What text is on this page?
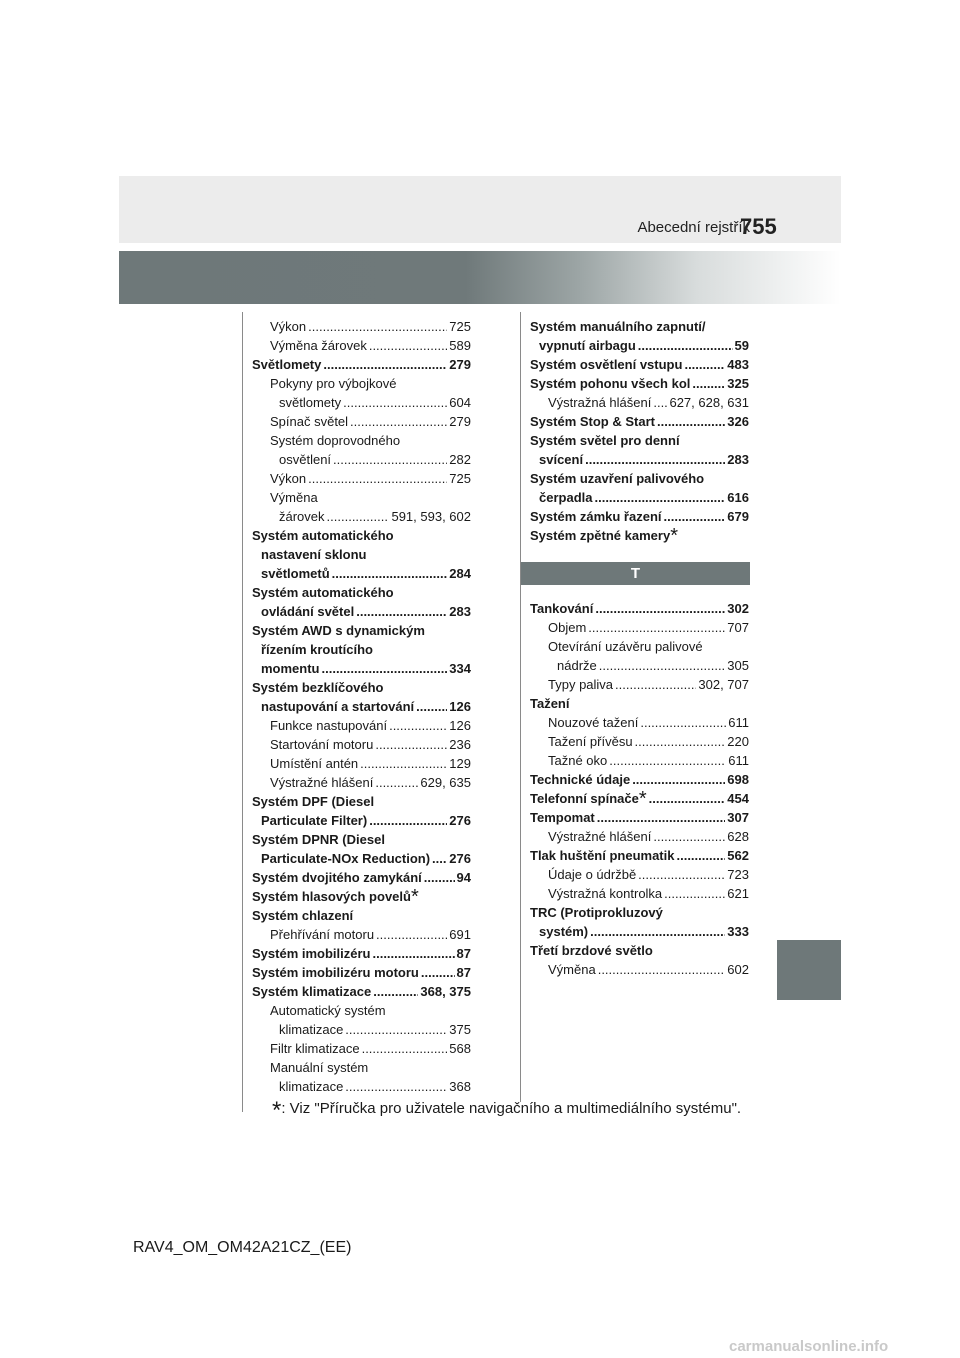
Abecední rejstřík
755
Výkon .....	725
Výměna žárovek .....	589
Světlomety .....	279
Pokyny pro výbojkové
světlomety .....	604
Spínač světel .....	279
Systém doprovodného
osvětlení .....	282
Výkon .....	725
Výměna
žárovek .....	591, 593, 602
Systém automatického
nastavení sklonu
světlometů .....	284
Systém automatického
ovládání světel .....	283
Systém AWD s dynamickým
řízením kroutícího
momentu .....	334
Systém bezklíčového
nastupování a startování .....	126
Funkce nastupování .....	126
Startování motoru .....	236
Umístění antén .....	129
Výstražné hlášení .....	629, 635
Systém DPF (Diesel
Particulate Filter) .....	276
Systém DPNR (Diesel
Particulate-NOx Reduction) ..... 276
Systém dvojitého zamykání .....	94
Systém hlasových povelů *
Systém chlazení
Přehřívání motoru .....	691
Systém imobilizéru .....	87
Systém imobilizéru motoru .....	87
Systém klimatizace .....	368, 375
Automatický systém
klimatizace .....	375
Filtr klimatizace .....	568
Manuální systém
klimatizace .....	368
Systém manuálního zapnutí/
vypnutí airbagu .....	59
Systém osvětlení vstupu .....	483
Systém pohonu všech kol .....	325
Výstražná hlášení ..... 627, 628, 631
Systém Stop & Start .....	326
Systém světel pro denní
svícení .....	283
Systém uzavření palivového
čerpadla .....	616
Systém zámku řazení .....	679
Systém zpětné kamery *
T
Tankování .....	302
Objem .....	707
Otevírání uzávěru palivové
nádrže .....	305
Typy paliva .....	302, 707
Tažení
Nouzové tažení .....	611
Tažení přívěsu .....	220
Tažné oko .....	611
Technické údaje .....	698
Telefonní spínače * .....	454
Tempomat .....	307
Výstražné hlášení .....	628
Tlak huštění pneumatik .....	562
Údaje o údržbě .....	723
Výstražná kontrolka .....	621
TRC (Protiprokluzový
systém) .....	333
Třetí brzdové světlo
Výměna .....	602
*: Viz "Příručka pro uživatele navigačního a multimediálního systému".
RAV4_OM_OM42A21CZ_(EE)
carmanualsonline.info
